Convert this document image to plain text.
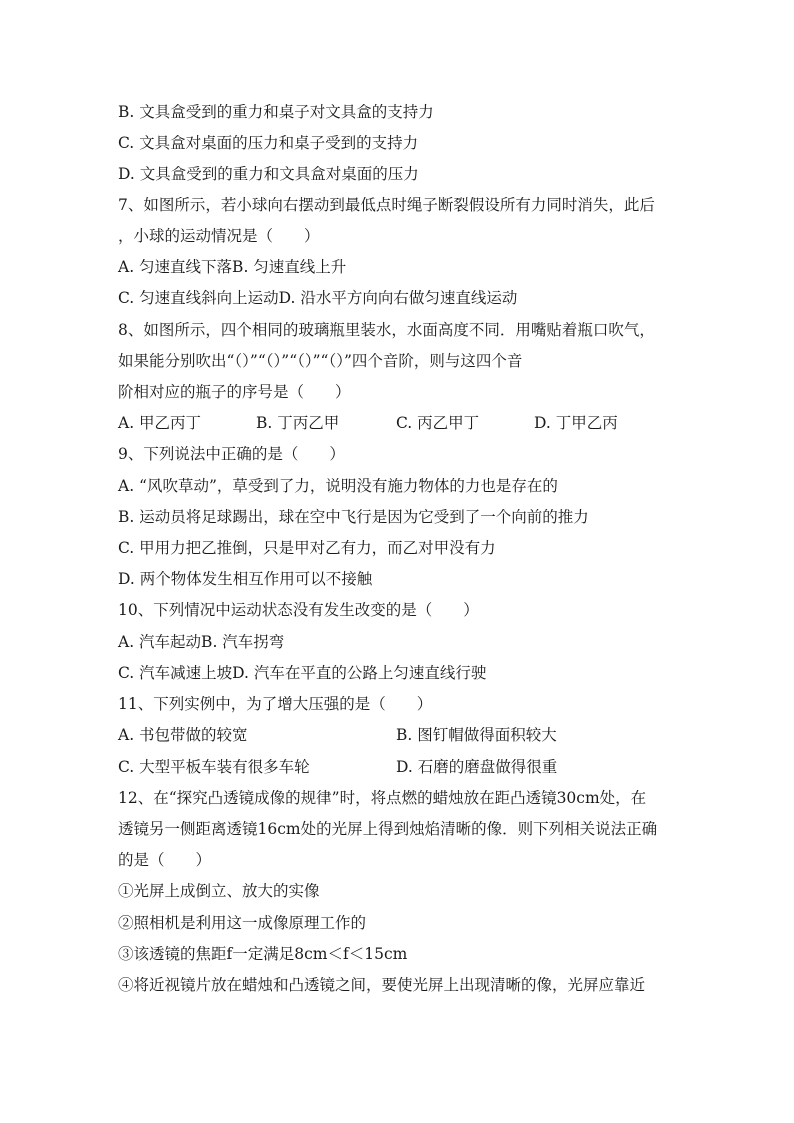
B. 文具盒受到的重力和桌子对文具盒的支持力
C. 文具盒对桌面的压力和桌子受到的支持力
D. 文具盒受到的重力和文具盒对桌面的压力
7、如图所示，若小球向右摆动到最低点时绳子断裂假设所有力同时消失，此后
，小球的运动情况是（　　）
A. 匀速直线下落B. 匀速直线上升
C. 匀速直线斜向上运动D. 沿水平方向向右做匀速直线运动
8、如图所示，四个相同的玻璃瓶里装水，水面高度不同．用嘴贴着瓶口吹气，
如果能分别吹出“（）”“（）”“（）”“（）”四个音阶，则与这四个音
阶相对应的瓶子的序号是（　　）
A. 甲乙丙丁	B. 丁丙乙甲	C. 丙乙甲丁	D. 丁甲乙丙
9、下列说法中正确的是（　　）
A. “风吹草动”，草受到了力，说明没有施力物体的力也是存在的
B. 运动员将足球踢出，球在空中飞行是因为它受到了一个向前的推力
C. 甲用力把乙推倒，只是甲对乙有力，而乙对甲没有力
D. 两个物体发生相互作用可以不接触
10、下列情况中运动状态没有发生改变的是（　　）
A. 汽车起动B. 汽车拐弯
C. 汽车减速上坡D. 汽车在平直的公路上匀速直线行驶
11、下列实例中，为了增大压强的是（　　）
A. 书包带做的较宽	B. 图钉帽做得面积较大
C. 大型平板车装有很多车轮	D. 石磨的磨盘做得很重
12、在“探究凸透镜成像的规律”时，将点燃的蜡烛放在距凸透镜30cm处，在
透镜另一侧距离透镜16cm处的光屏上得到烛焰清晰的像．则下列相关说法正确
的是（　　）
①光屏上成倒立、放大的实像
②照相机是利用这一成像原理工作的
③该透镜的焦距f一定满足8cm＜f＜15cm
④将近视镜片放在蜡烛和凸透镜之间，要使光屏上出现清晰的像，光屏应靠近
